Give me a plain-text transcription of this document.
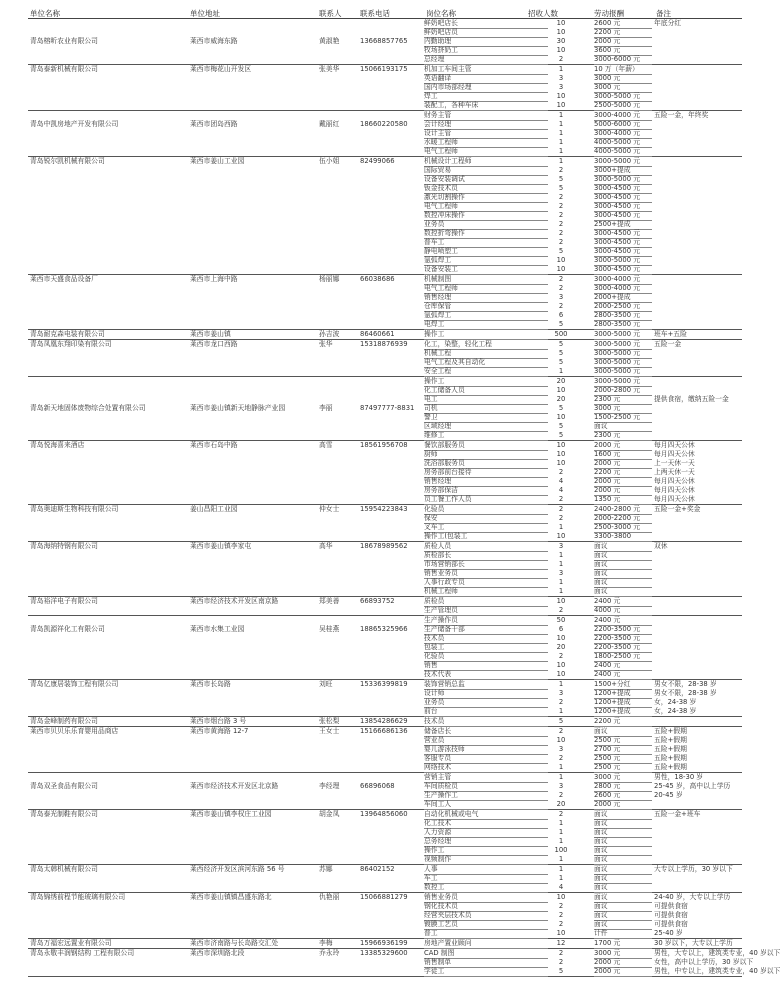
单位名称	单位地址	联系人 联系电话	岗位名称	招收人数	劳动报酬	备注
青岛榕昕农业有限公司	莱西市威海东路	黄淑艳	13668857765
鲜奶吧店长	10	2600 元	年底分红
鲜奶吧店员	10	2200 元
内勤助理	30	2000 元
牧场挤奶工	10	3600 元
总经理	2	3000-6000 元
青岛泰新机械有限公司	莱西市梅花山开发区	张美华	15066193175	机加工车间主管	1	10 万（年薪）
英语翻译	3	3000 元
国内市场部经理	3	3000 元
焊工	10	3000-5000 元
装配工，各种车床	10	2500-5000 元
青岛中凯房地产开发有限公司	莱西市团岛西路	戴丽红	18660220580
财务主管	1	3000-4000 元	五险一金，年终奖
会计经理	1	5000-6000 元
设计主管	1	3000-4000 元
水暖工程师	1	4000-5000 元
电气工程师	1	4000-5000 元
青岛锐尔凯机械有限公司	莱西市姜山工业园	伍小姐	82499066	机械设计工程师	1	3000-5000 元
国际贸易	2	3000+提成
设备安装调试	5	3000-5000 元
钣金技术员	5	3000-4500 元
激光切割操作	2	3000-4500 元
电气工程师	2	3000-4500 元
数控冲床操作	2	3000-4500 元
业务员	2	2500+提成
数控折弯操作	2	3000-4500 元
普车工	2	3000-4500 元
静电喷塑工	5	3000-4500 元
氩弧焊工	10	3000-5000 元
设备安装工	10	3000-4500 元
莱西市天盛食品设备厂	莱西市上海中路	杨丽娜	66038686	机械制图	2	3000-4000 元
电气工程师	2	3000-4000 元
销售经理	3	2000+提成
仓库保管	2	2000-2500 元
氩弧焊工	6	2800-3500 元
电焊工	5	2800-3500 元
青岛耐克森电装有限公司	莱西市姜山镇	孙吉波	86460661	操作工	500	3000-5000 元	班车+五险
青岛凤凰东翔印染有限公司	莱西市龙口西路	张华	15318876939	化工，染整，轻化工程	5	3000-5000 元	五险一金
机械工程	5	3000-5000 元
电气工程及其自动化	5	3000-5000 元
安全工程	1	3000-5000 元
青岛新天地固体废物综合处置有限公司	莱西市姜山镇新天地静脉产业园	李丽	87497777-8831
操作工	20	3000-5000 元
化工储备人员	10	2000-2800 元
电工	20	2300 元	提供食宿，缴纳五险一金
司机	5	3000 元
警卫	10	1500-2500 元
区域经理	5	面议
维修工	5	2300 元
青岛悦海喜来酒店	莱西市石岛中路	高雪	18561956708	餐饮部服务员	10	2000 元	每月四天公休
厨师	10	1600 元	每月四天公休
洗浴部服务员	10	2000 元	上一天休一天
房务部前台接待	2	2200 元	上两天休一天
销售经理	4	2000 元	每月四天公休
房务部保洁	4	2000 元	每月四天公休
员工餐工作人员	2	1350 元	每月四天公休
青岛奥迪斯生物科技有限公司	姜山昌阳工业园	仲女士	15954223843	化验员	2	2400-2800 元	五险一金+奖金
保安	2	2000-2200 元
叉车工	1	2500-3000 元
操作工(包装工	10	3300-3800
青岛海纳特钢有限公司	莱西市姜山镇李家屯	高华	18678989562	质检人员	3	面议	双休
质检部长	1	面议
市场营销部长	1	面议
销售业务员	3	面议
人事行政专员	1	面议
机械工程师	1	面议
青岛裕洋电子有限公司	莱西市经济技术开发区南京路	郑美善	66893752	质检员	10	2400 元
生产管理员	2	4000 元
青岛凯源祥化工有限公司	莱西市水集工业园	吴桂燕	18865325966
生产操作员	50	2400 元
生产储备干部	6	2200-3500 元
技术员	10	2200-3500 元
包装工	20	2200-3500 元
化验员	2	1800-2500 元
销售	10	2400 元
技术代表	10	2400 元
青岛亿康居装饰工程有限公司	莱西市长岛路	刘旺	15336399819	装饰营销总监	1	1500+分红	男女不限，28-38 岁
设计师	3	1200+提成	男女不限，28-38 岁
业务员	2	1200+提成	女，24-38 岁
前台	1	1200+提成	女，24-38 岁
青岛金峰制药有限公司	莱西市烟台路 3 号	张松梨	13854286629	技术员	5	2200 元
莱西市贝贝乐乐育婴用品商店	莱西市黄海路 12-7	王女士	15166686136	储备店长	2	面议	五险+假期
营业员	10	2500 元	五险+假期
婴儿游泳技师	3	2700 元	五险+假期
客服专员	2	2500 元	五险+假期
网络技术	1	2500 元	五险+假期
青岛双圣食品有限公司	莱西市经济技术开发区北京路	李经理	66896068
营销主管	1	3000 元	男性，18-30 岁
车间质检员	3	2800 元	25-45 岁，高中以上学历
生产操作工	2	2600 元	20-45 岁
车间工人	20	2000 元
青岛泰光制鞋有限公司	莱西市姜山镇李权庄工业园	胡金凤	13964856060	自动化机械或电气	2	面议	五险一金+班车
化工技术	1	面议
人力资源	1	面议
总务经理	1	面议
操作工	100	面议
视频制作	1	面议
青岛太韩机械有限公司	莱西经济开发区滨河东路 56 号	苏娜	86402152	人事	1	面议	大专以上学历，30 岁以下
车工	1	面议
数控工	4	面议
青岛锦绣前程节能玻璃有限公司	莱西市姜山镇镇昌盛东路北	仇艳丽	15066881279	销售业务员	10	面议	24-40 岁，大专以上学历
钢化技术员	2	面议	可提供食宿
经营夹层技术员	2	面议	可提供食宿
镀膜工艺员	2	面议	可提供食宿
普工	10	计件	25-40 岁
青岛万福宏远置业有限公司	莱西市济南路与长岛路交汇处	李梅	15966936199	房地产置业顾问	12	1700 元	30 岁以下，大专以上学历
青岛永敬丰润钢结构 工程有限公司	莱西市深圳路北段	乔永玲	13385329600	CAD 制图	2	3000 元	男性，大专以上，建筑类专业，40 岁以下
销售制单	2	2000 元	女性，高中以上学历，30 岁以下
学徒工	5	2000 元	男性，中专以上，建筑类专业，40 岁以下
